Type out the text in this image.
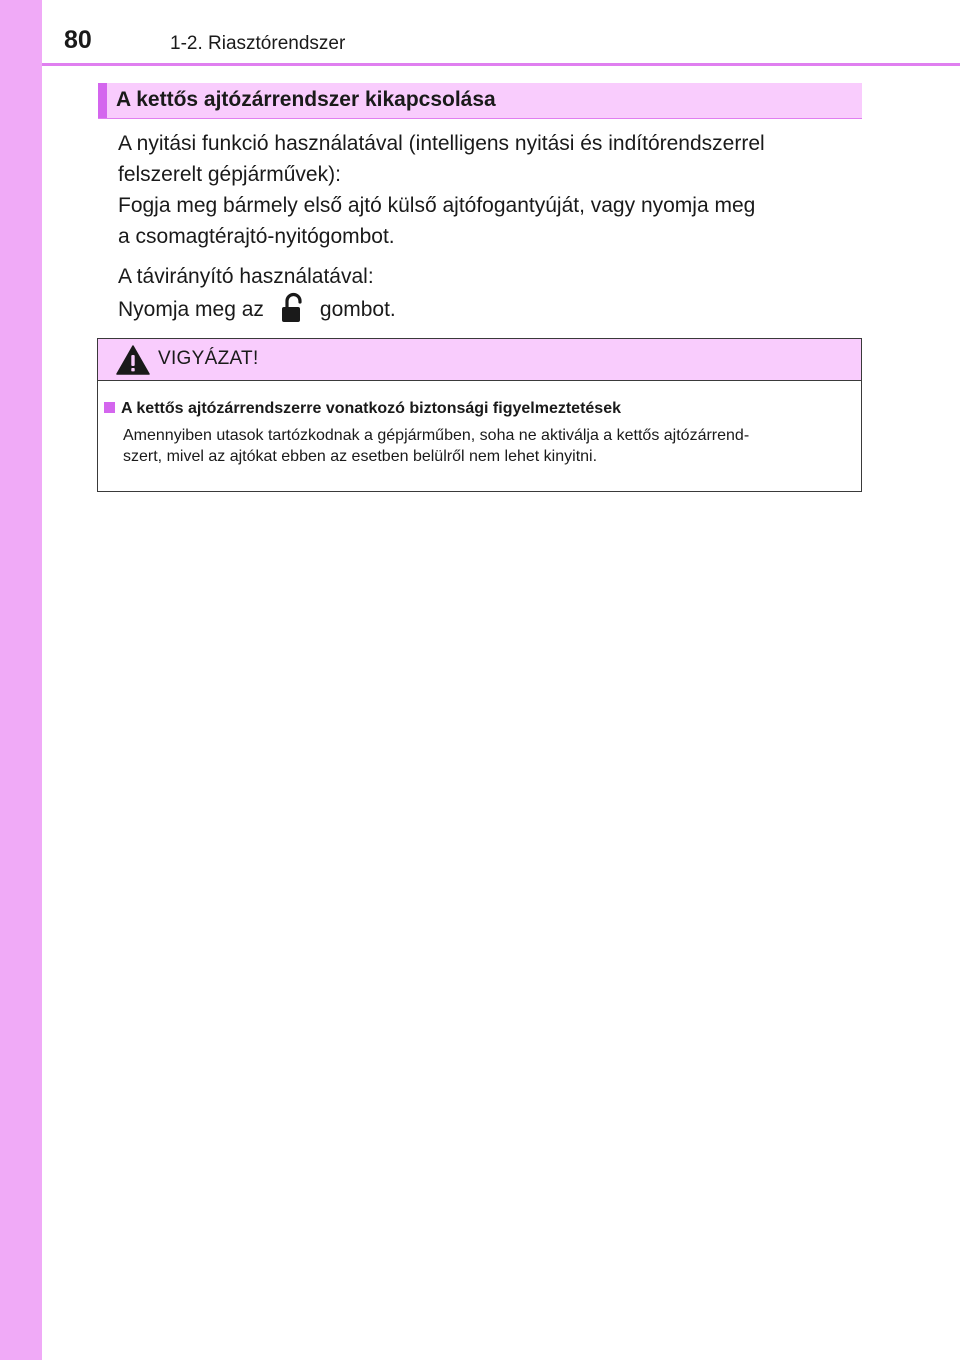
80	1-2. Riasztórendszer
A kettős ajtózárrendszer kikapcsolása

A nyitási funkció használatával (intelligens nyitási és indítórendszerrel

felszerelt gépjárművek):

Fogja meg bármely első ajtó külső ajtófogantyúját, vagy nyomja meg

a csomagtérajtó-nyitógombot.

A távirányító használatával:

Nyomja meg az	gombot.

VIGYÁZAT!
A kettős ajtózárrendszerre vonatkozó biztonsági figyelmeztetések

Amennyiben utasok tartózkodnak a gépjárműben, soha ne aktiválja a kettős ajtózárrend-

szert, mivel az ajtókat ebben az esetben belülről nem lehet kinyitni.
